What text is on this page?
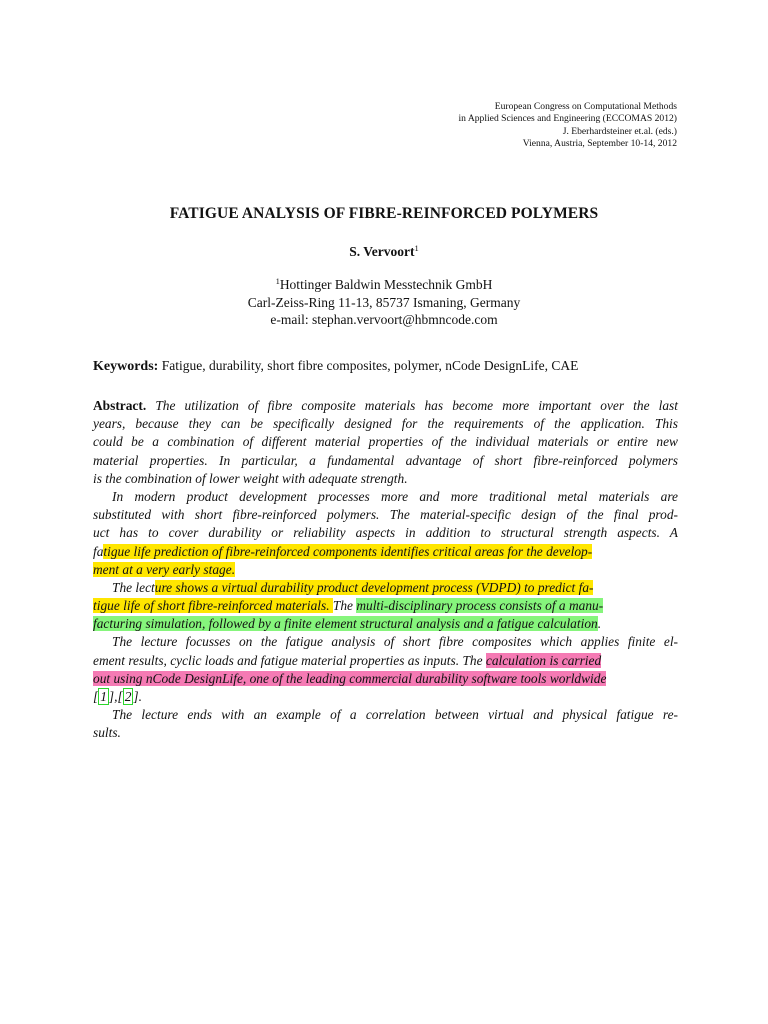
European Congress on Computational Methods
in Applied Sciences and Engineering (ECCOMAS 2012)
J. Eberhardsteiner et.al. (eds.)
Vienna, Austria, September 10-14, 2012
FATIGUE ANALYSIS OF FIBRE-REINFORCED POLYMERS
S. Vervoort$^1$
$^1$Hottinger Baldwin Messtechnik GmbH
Carl-Zeiss-Ring 11-13, 85737 Ismaning, Germany
e-mail: stephan.vervoort@hbmncode.com
Keywords: Fatigue, durability, short fibre composites, polymer, nCode DesignLife, CAE
Abstract. The utilization of fibre composite materials has become more important over the last
years, because they can be specifically designed for the requirements of the application. This
could be a combination of different material properties of the individual materials or entire new
material properties. In particular, a fundamental advantage of short fibre-reinforced polymers
is the combination of lower weight with adequate strength.
In modern product development processes more and more traditional metal materials are
substituted with short fibre-reinforced polymers. The material-specific design of the final prod-
uct has to cover durability or reliability aspects in addition to structural strength aspects. A
fatigue life prediction of fibre-reinforced components identifies critical areas for the develop-
ment at a very early stage.
The lecture shows a virtual durability product development process (VDPD) to predict fa-
tigue life of short fibre-reinforced materials. The multi-disciplinary process consists of a manu-
facturing simulation, followed by a finite element structural analysis and a fatigue calculation.
The lecture focusses on the fatigue analysis of short fibre composites which applies finite el-
ement results, cyclic loads and fatigue material properties as inputs. The calculation is carried
out using nCode DesignLife, one of the leading commercial durability software tools worldwide
[ 1 ],[ 2 ].
The lecture ends with an example of a correlation between virtual and physical fatigue re-
sults.
